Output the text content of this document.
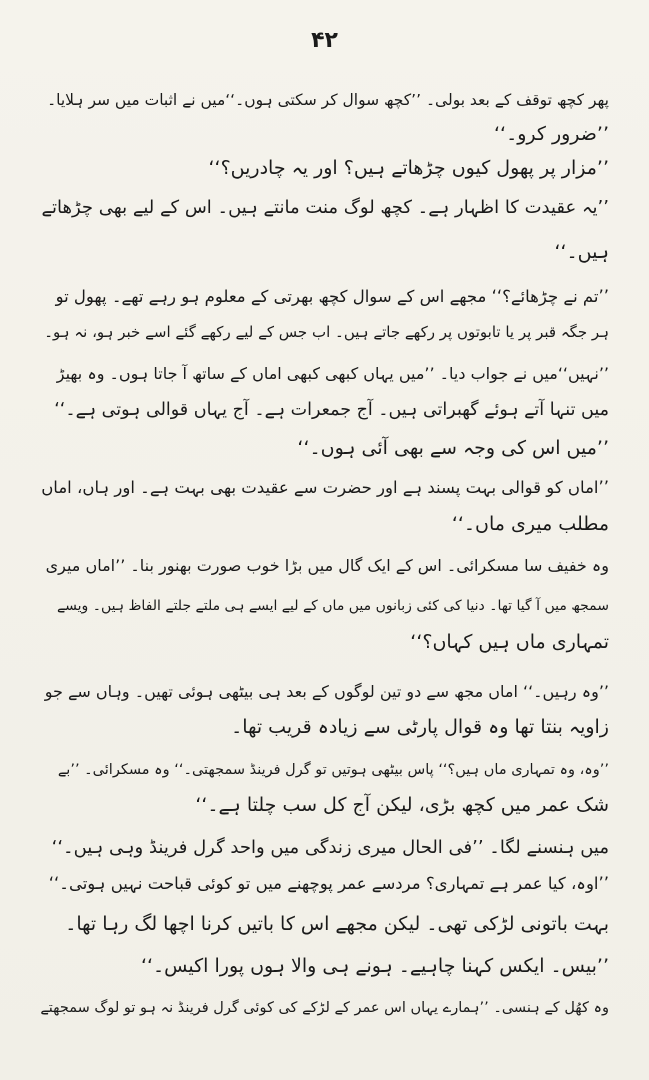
۴۲
پھر کچھ توقف کے بعد بولی۔ ’’کچھ سوال کر سکتی ہوں۔‘‘میں نے اثبات میں سر ہلایا۔
’’ضرور کرو۔‘‘
’’مزار پر پھول کیوں چڑھاتے ہیں؟ اور یہ چادریں؟‘‘
’’یہ عقیدت کا اظہار ہے۔ کچھ لوگ منت مانتے ہیں۔ اس کے لیے بھی چڑھاتے
ہیں۔‘‘
’’تم نے چڑھائے؟‘‘ مجھے اس کے سوال کچھ بھرتی کے معلوم ہو رہے تھے۔ پھول تو
ہر جگہ قبر پر یا تابوتوں پر رکھے جاتے ہیں۔ اب جس کے لیے رکھے گئے اسے خبر ہو، نہ ہو۔
’’نہیں‘‘میں نے جواب دیا۔ ’’میں یہاں کبھی کبھی اماں کے ساتھ آ جاتا ہوں۔ وہ بھیڑ
میں تنہا آتے ہوئے گھبراتی ہیں۔ آج جمعرات ہے۔ آج یہاں قوالی ہوتی ہے۔‘‘
’’میں اس کی وجہ سے بھی آئی ہوں۔‘‘
’’اماں کو قوالی بہت پسند ہے اور حضرت سے عقیدت بھی بہت ہے۔ اور ہاں، اماں
مطلب میری ماں۔‘‘
وہ خفیف سا مسکرائی۔ اس کے ایک گال میں بڑا خوب صورت بھنور بنا۔ ’’اماں میری
سمجھ میں آ گیا تھا۔ دنیا کی کئی زبانوں میں ماں کے لیے ایسے ہی ملتے جلتے الفاظ ہیں۔ ویسے
تمہاری ماں ہیں کہاں؟‘‘
’’وہ رہیں۔‘‘ اماں مجھ سے دو تین لوگوں کے بعد ہی بیٹھی ہوئی تھیں۔ وہاں سے جو
زاویہ بنتا تھا وہ قوال پارٹی سے زیادہ قریب تھا۔
’’وہ، وہ تمہاری ماں ہیں؟‘‘ پاس بیٹھی ہوتیں تو گرل فرینڈ سمجھتی۔‘‘ وہ مسکرائی۔ ’’بے
شک عمر میں کچھ بڑی، لیکن آج کل سب چلتا ہے۔‘‘
میں ہنسنے لگا۔ ’’فی الحال میری زندگی میں واحد گرل فرینڈ وہی ہیں۔‘‘
’’اوہ، کیا عمر ہے تمہاری؟ مردسے عمر پوچھنے میں تو کوئی قباحت نہیں ہوتی۔‘‘
بہت باتونی لڑکی تھی۔ لیکن مجھے اس کا باتیں کرنا اچھا لگ رہا تھا۔
’’بیس۔ ایکس کہنا چاہیے۔ ہونے ہی والا ہوں پورا اکیس۔‘‘
وہ کھُل کے ہنسی۔ ’’ہمارے یہاں اس عمر کے لڑکے کی کوئی گرل فرینڈ نہ ہو تو لوگ سمجھتے
